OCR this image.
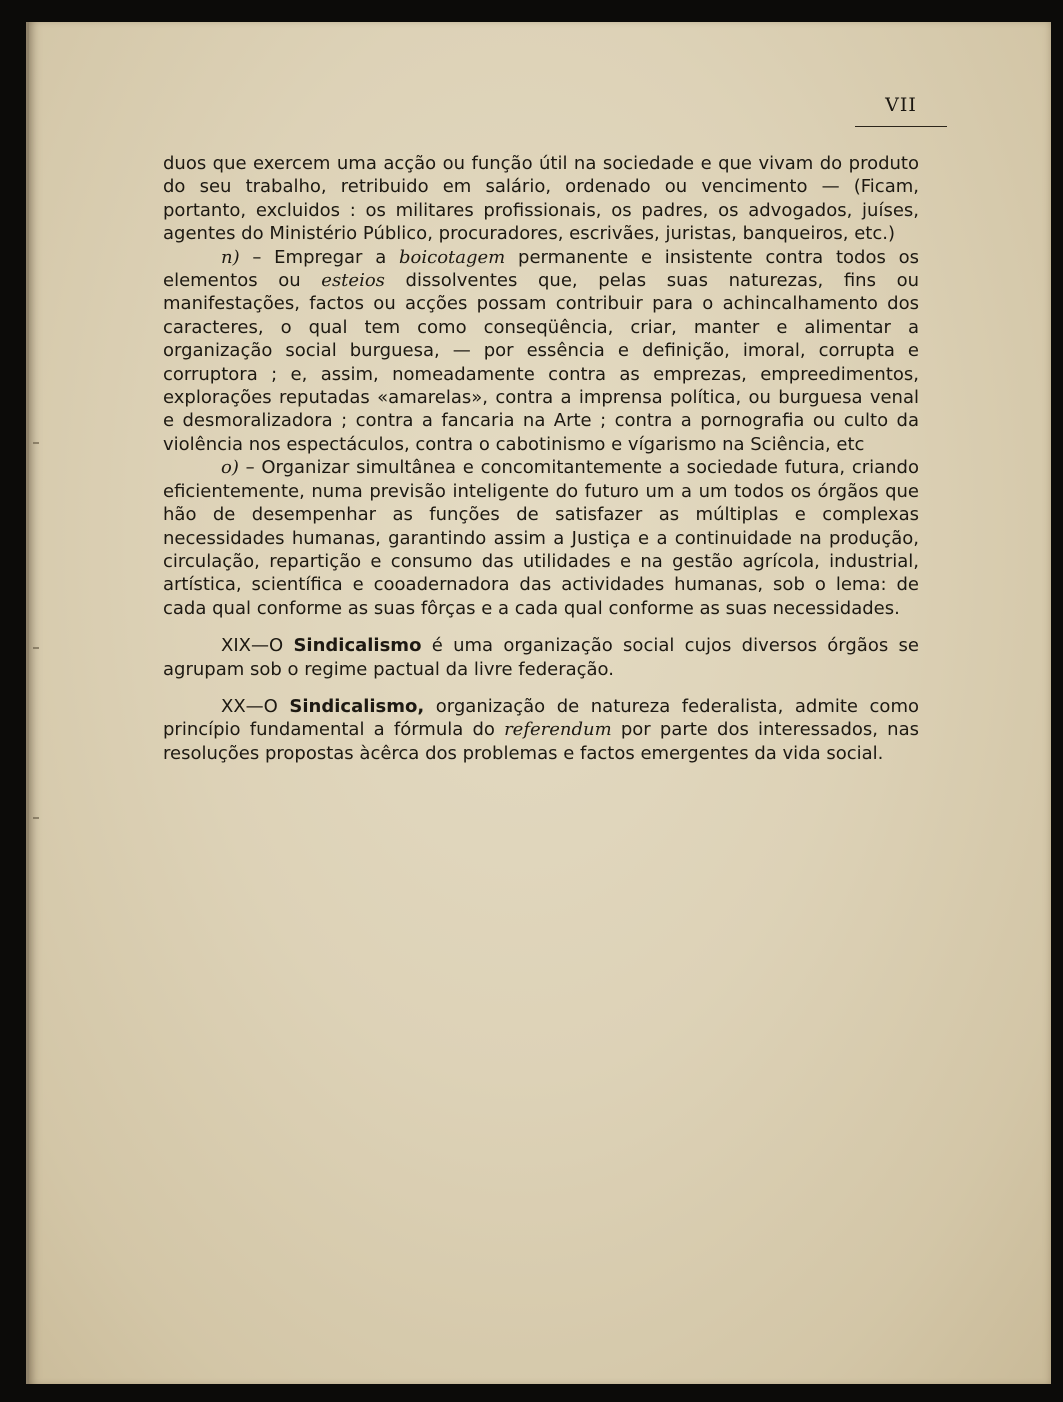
VII

duos que exercem uma acção ou função útil na sociedade e que vivam do produto do seu trabalho, retribuido em salário, ordenado ou vencimento — (Ficam, portanto, excluidos : os militares profissionais, os padres, os advogados, juíses, agentes do Ministério Público, procuradores, escrivães, juristas, banqueiros, etc.)

n) – Empregar a boicotagem permanente e insistente contra todos os elementos ou esteios dissolventes que, pelas suas naturezas, fins ou manifestações, factos ou acções possam contribuir para o achincalhamento dos caracteres, o qual tem como conseqüência, criar, manter e alimentar a organização social burguesa, — por essência e definição, imoral, corrupta e corruptora ; e, assim, nomeadamente contra as emprezas, empreedimentos, explorações reputadas «amarelas», contra a imprensa política, ou burguesa venal e desmoralizadora ; contra a fancaria na Arte ; contra a pornografia ou culto da violência nos espectáculos, contra o cabotinismo e vígarismo na Sciência, etc

o) – Organizar simultânea e concomitantemente a sociedade futura, criando eficientemente, numa previsão inteligente do futuro um a um todos os órgãos que hão de desempenhar as funções de satisfazer as múltiplas e complexas necessidades humanas, garantindo assim a Justiça e a continuidade na produção, circulação, repartição e consumo das utilidades e na gestão agrícola, industrial, artística, scientífica e cooadernadora das actividades humanas, sob o lema: de cada qual conforme as suas fôrças e a cada qual conforme as suas necessidades.

XIX—O Sindicalismo é uma organização social cujos diversos órgãos se agrupam sob o regime pactual da livre federação.

XX—O Sindicalismo, organização de natureza federalista, admite como princípio fundamental a fórmula do referendum por parte dos interessados, nas resoluções propostas àcêrca dos problemas e factos emergentes da vida social.
